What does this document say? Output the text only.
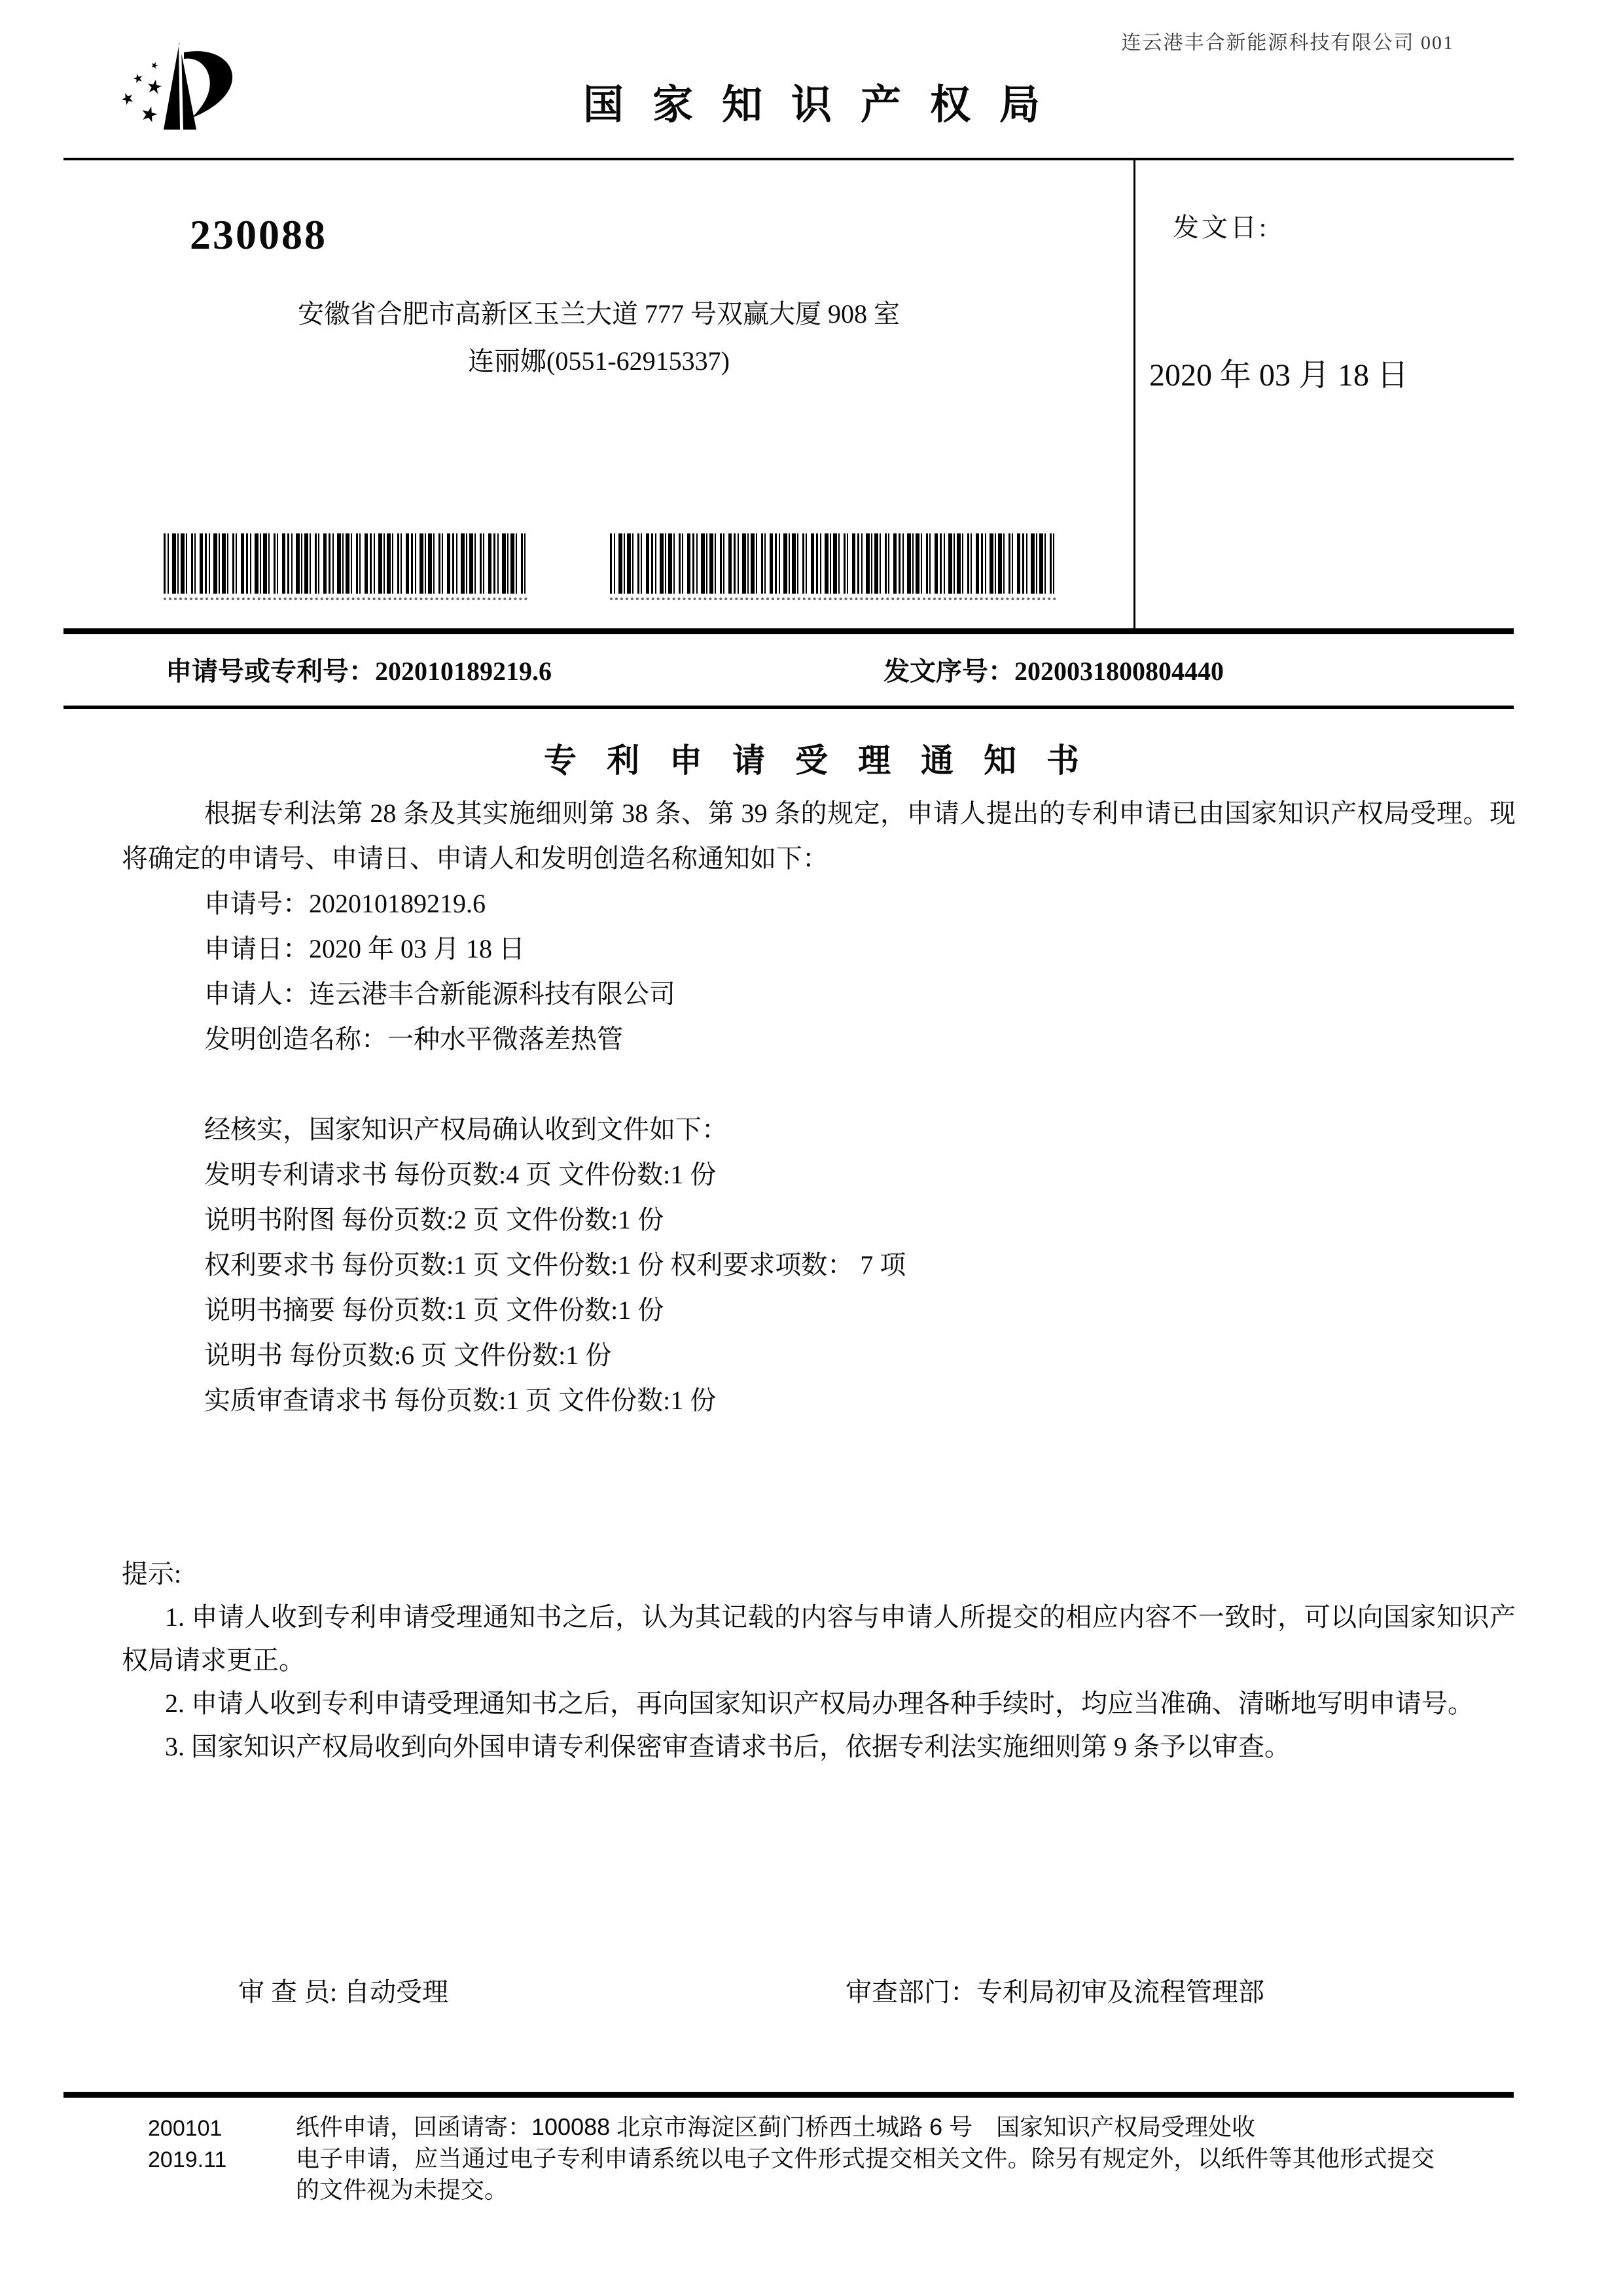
连云港丰合新能源科技有限公司 001
国家知识产权局
230088
安徽省合肥市高新区玉兰大道 777 号双赢大厦 908 室
连丽娜(0551-62915337)
发文日:
2020 年 03 月 18 日
申请号或专利号：202010189219.6	发文序号：2020031800804440
专利申请受理通知书

根据专利法第 28 条及其实施细则第 38 条、第 39 条的规定，申请人提出的专利申请已由国家知识产权局受理。现将确定的申请号、申请日、申请人和发明创造名称通知如下：

申请号：202010189219.6
申请日：2020 年 03 月 18 日
申请人：连云港丰合新能源科技有限公司
发明创造名称：一种水平微落差热管
经核实，国家知识产权局确认收到文件如下：
发明专利请求书 每份页数:4 页 文件份数:1 份
说明书附图 每份页数:2 页 文件份数:1 份
权利要求书 每份页数:1 页 文件份数:1 份 权利要求项数： 7 项
说明书摘要 每份页数:1 页 文件份数:1 份
说明书 每份页数:6 页 文件份数:1 份
实质审查请求书 每份页数:1 页 文件份数:1 份

提示:

1. 申请人收到专利申请受理通知书之后，认为其记载的内容与申请人所提交的相应内容不一致时，可以向国家知识产权局请求更正。

2. 申请人收到专利申请受理通知书之后，再向国家知识产权局办理各种手续时，均应当准确、清晰地写明申请号。

3. 国家知识产权局收到向外国申请专利保密审查请求书后，依据专利法实施细则第 9 条予以审查。

审 查 员: 自动受理	审查部门：专利局初审及流程管理部
200101
2019.11

纸件申请，回函请寄：100088 北京市海淀区蓟门桥西土城路 6 号　国家知识产权局受理处收

电子申请，应当通过电子专利申请系统以电子文件形式提交相关文件。除另有规定外，以纸件等其他形式提交的文件视为未提交。
